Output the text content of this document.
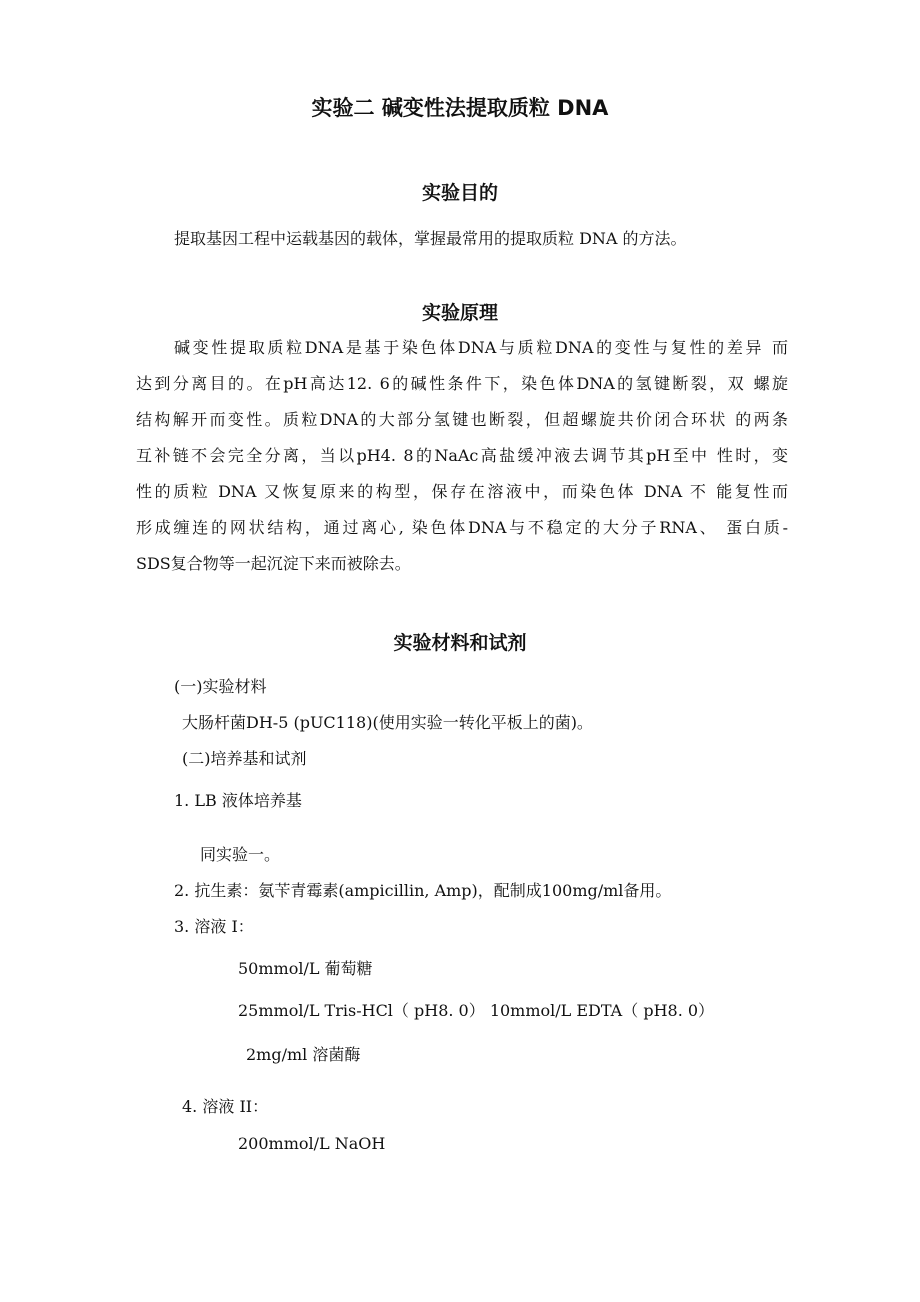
实验二 碱变性法提取质粒 DNA
实验目的
提取基因工程中运载基因的载体，掌握最常用的提取质粒 DNA 的方法。
实验原理
碱变性提取质粒DNA是基于染色体DNA与质粒DNA的变性与复性的差异 而
达到分离目的。在pH高达12. 6的碱性条件下，染色体DNA的氢键断裂，双 螺旋
结构解开而变性。质粒DNA的大部分氢键也断裂，但超螺旋共价闭合环状 的两条
互补链不会完全分离，当以pH4. 8的NaAc高盐缓冲液去调节其pH至中 性时，变
性的质粒 DNA 又恢复原来的构型，保存在溶液中，而染色体 DNA 不 能复性而
形成缠连的网状结构，通过离心, 染色体DNA与不稳定的大分子RNA、 蛋白质-
SDS复合物等一起沉淀下来而被除去。
实验材料和试剂
(一)实验材料
大肠杆菌DH-5 (pUC118)(使用实验一转化平板上的菌)。
(二)培养基和试剂
1. LB 液体培养基
同实验一。
2. 抗生素：氨苄青霉素(ampicillin, Amp)，配制成100mg/ml备用。
3. 溶液 I：
50mmol/L 葡萄糖
25mmol/L Tris-HCl（ pH8. 0） 10mmol/L EDTA（ pH8. 0）
2mg/ml 溶菌酶
4. 溶液 II：
200mmol/L NaOH
